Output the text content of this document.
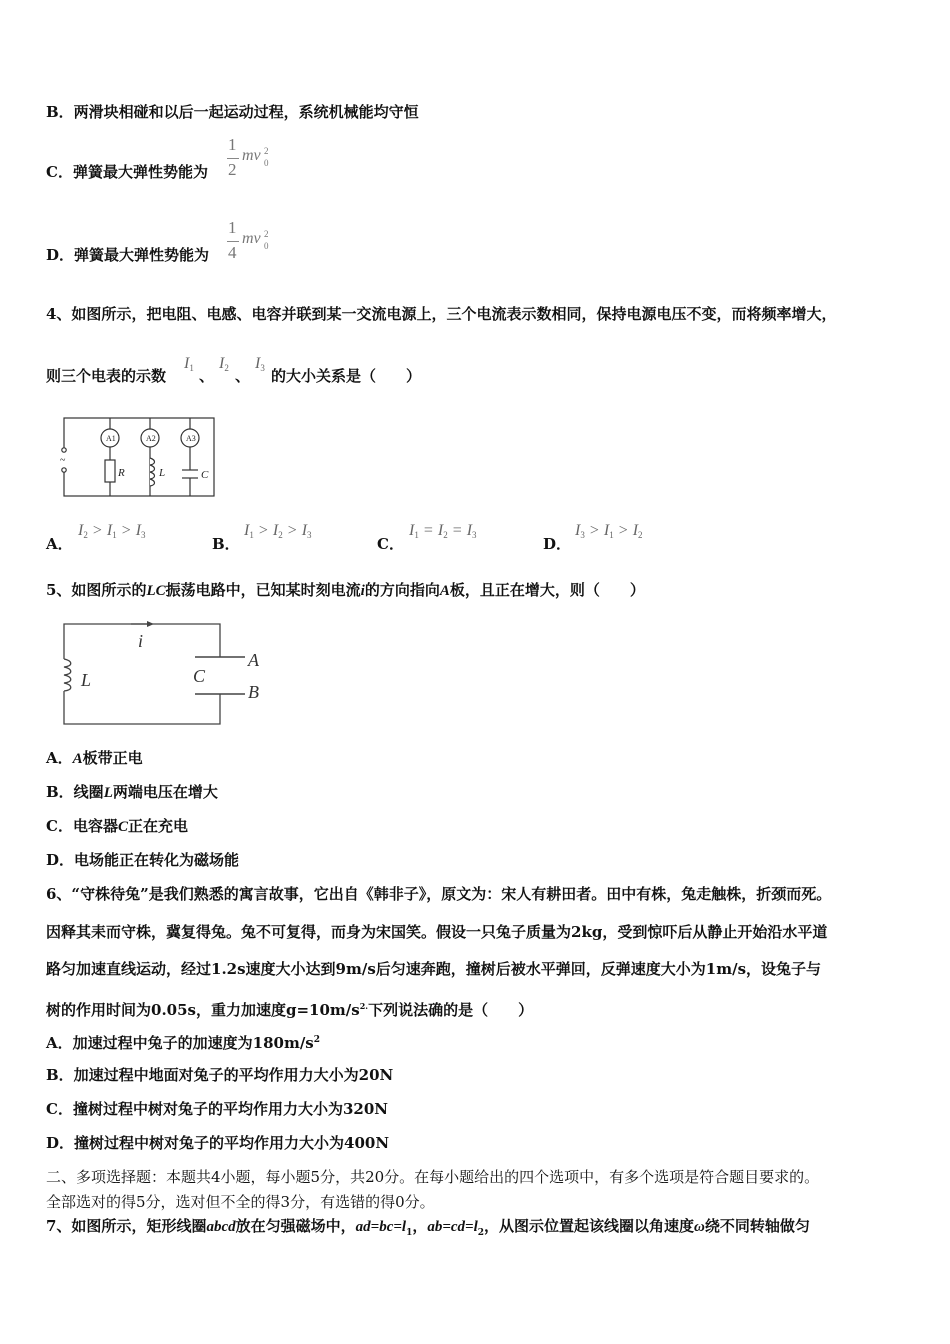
B．两滑块相碰和以后一起运动过程，系统机械能均守恒
C．弹簧最大弹性势能为
1
2
mv 2
0
D．弹簧最大弹性势能为
1
4
mv 2
0
4、如图所示，把电阻、电感、电容并联到某一交流电源上，三个电流表示数相同，保持电源电压不变，而将频率增大，
则三个电表的示数
$I_1$ 、
$I_2$ 、
$I_3$ 的大小关系是（　　）
A1	A2	A3
R	L	C
~
A．
$I_2 > I_1 > I_3$	B．
$I_1 > I_2 > I_3$	C．
$I_1 = I_2 = I_3$	D．
$I_3 > I_1 > I_2$
5、如图所示的LC振荡电路中，已知某时刻电流i的方向指向A板，且正在增大，则（　　）
i
L	C
A
B
A．A板带正电
B．线圈L两端电压在增大
C．电容器C正在充电
D．电场能正在转化为磁场能
6、“守株待兔”是我们熟悉的寓言故事，它出自《韩非子》，原文为：宋人有耕田者。田中有株，兔走触株，折颈而死。
因释其耒而守株，冀复得兔。兔不可复得，而身为宋国笑。假设一只兔子质量为2kg，受到惊吓后从静止开始沿水平道
路匀加速直线运动，经过1.2s速度大小达到9m/s后匀速奔跑，撞树后被水平弹回，反弹速度大小为1m/s，设兔子与
树的作用时间为0.05s，重力加速度$g=10m/s^{2.}$下列说法确的是（　　）
A．加速过程中兔子的加速度为$180m/s^2$
B．加速过程中地面对兔子的平均作用力大小为20N
C．撞树过程中树对兔子的平均作用力大小为320N
D．撞树过程中树对兔子的平均作用力大小为400N
二、多项选择题：本题共4小题，每小题5分，共20分。在每小题给出的四个选项中，有多个选项是符合题目要求的。
全部选对的得5分，选对但不全的得3分，有选错的得0分。
7、如图所示，矩形线圈abcd放在匀强磁场中，$ad=bc=l_1$，$ab=cd=l_2$，从图示位置起该线圈以角速度ω绕不同转轴做匀
